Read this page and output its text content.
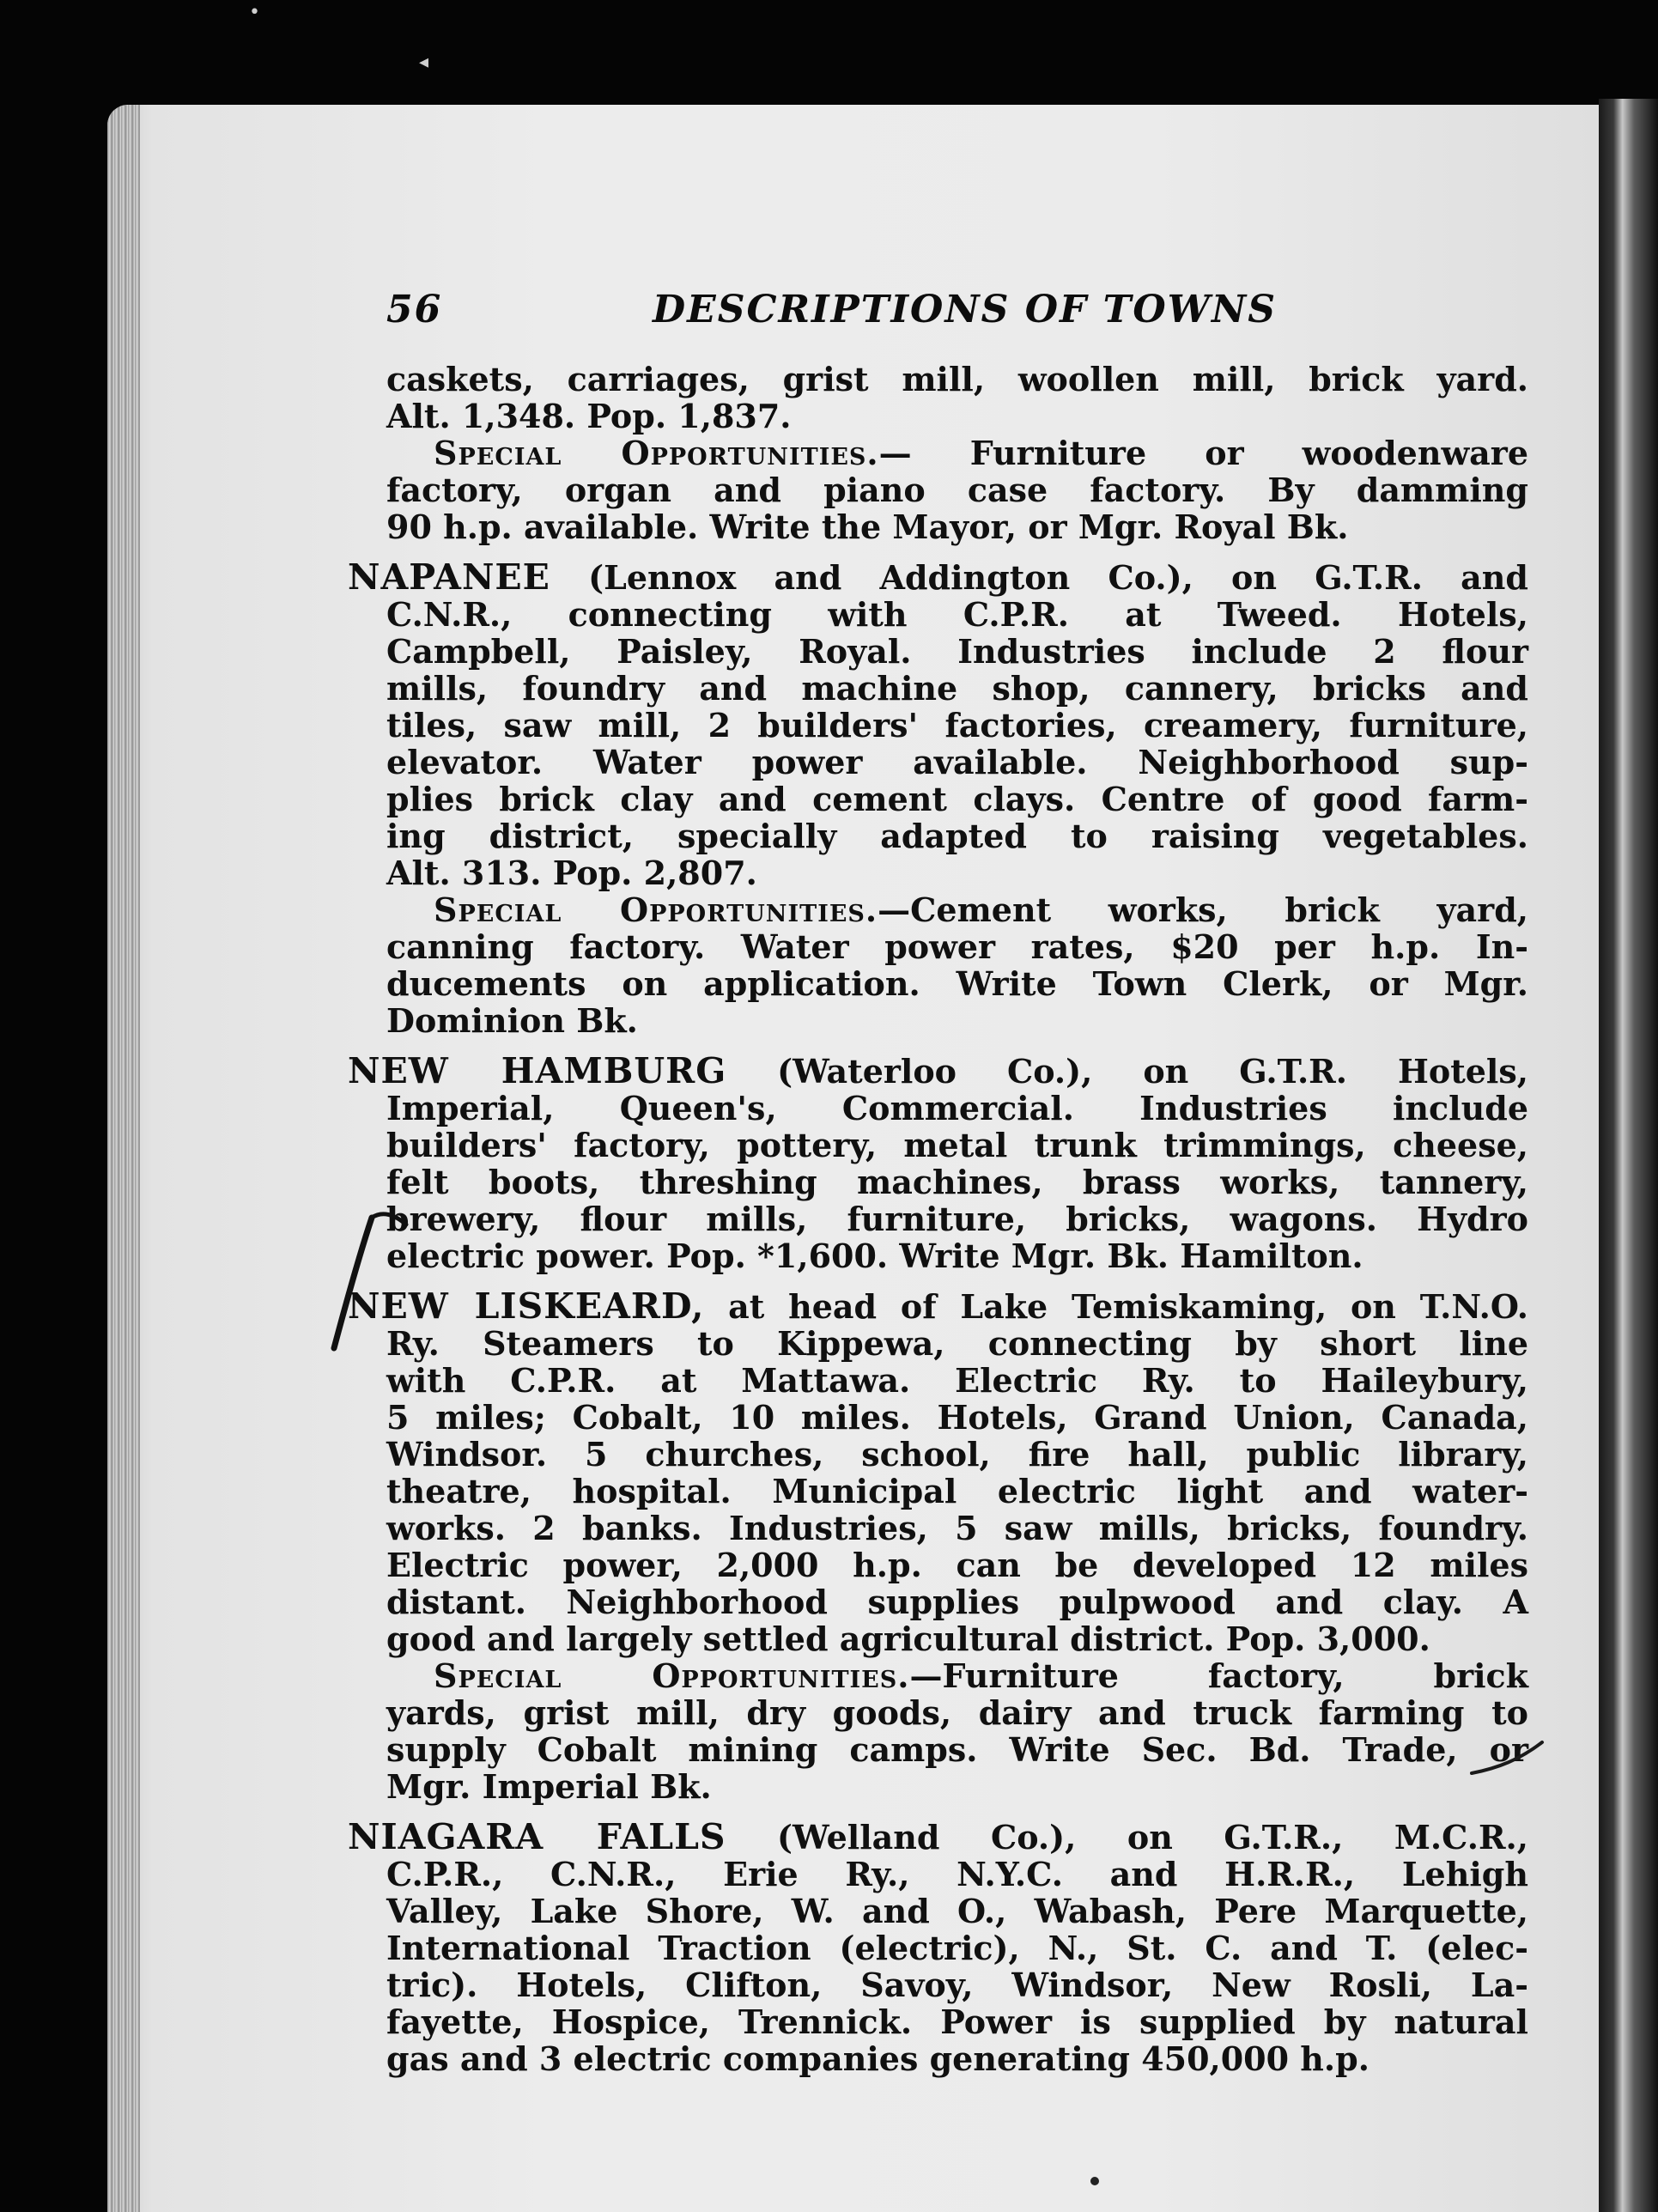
•
◂
56	DESCRIPTIONS OF TOWNS
caskets, carriages, grist mill, woollen mill, brick yard.
Alt. 1,348. Pop. 1,837.
Special Opportunities.— Furniture or woodenware
factory, organ and piano case factory. By damming
90 h.p. available. Write the Mayor, or Mgr. Royal Bk.
NAPANEE (Lennox and Addington Co.), on G.T.R. and
C.N.R., connecting with C.P.R. at Tweed. Hotels,
Campbell, Paisley, Royal. Industries include 2 flour
mills, foundry and machine shop, cannery, bricks and
tiles, saw mill, 2 builders' factories, creamery, furniture,
elevator. Water power available. Neighborhood sup-
plies brick clay and cement clays. Centre of good farm-
ing district, specially adapted to raising vegetables.
Alt. 313. Pop. 2,807.
Special Opportunities.—Cement works, brick yard,
canning factory. Water power rates, $20 per h.p. In-
ducements on application. Write Town Clerk, or Mgr.
Dominion Bk.
NEW HAMBURG (Waterloo Co.), on G.T.R. Hotels,
Imperial, Queen's, Commercial. Industries include
builders' factory, pottery, metal trunk trimmings, cheese,
felt boots, threshing machines, brass works, tannery,
brewery, flour mills, furniture, bricks, wagons. Hydro
electric power. Pop. *1,600. Write Mgr. Bk. Hamilton.
NEW LISKEARD, at head of Lake Temiskaming, on T.N.O.
Ry. Steamers to Kippewa, connecting by short line
with C.P.R. at Mattawa. Electric Ry. to Haileybury,
5 miles; Cobalt, 10 miles. Hotels, Grand Union, Canada,
Windsor. 5 churches, school, fire hall, public library,
theatre, hospital. Municipal electric light and water-
works. 2 banks. Industries, 5 saw mills, bricks, foundry.
Electric power, 2,000 h.p. can be developed 12 miles
distant. Neighborhood supplies pulpwood and clay. A
good and largely settled agricultural district. Pop. 3,000.
Special Opportunities.—Furniture factory, brick
yards, grist mill, dry goods, dairy and truck farming to
supply Cobalt mining camps. Write Sec. Bd. Trade, or
Mgr. Imperial Bk.
NIAGARA FALLS (Welland Co.), on G.T.R., M.C.R.,
C.P.R., C.N.R., Erie Ry., N.Y.C. and H.R.R., Lehigh
Valley, Lake Shore, W. and O., Wabash, Pere Marquette,
International Traction (electric), N., St. C. and T. (elec-
tric). Hotels, Clifton, Savoy, Windsor, New Rosli, La-
fayette, Hospice, Trennick. Power is supplied by natural
gas and 3 electric companies generating 450,000 h.p.
